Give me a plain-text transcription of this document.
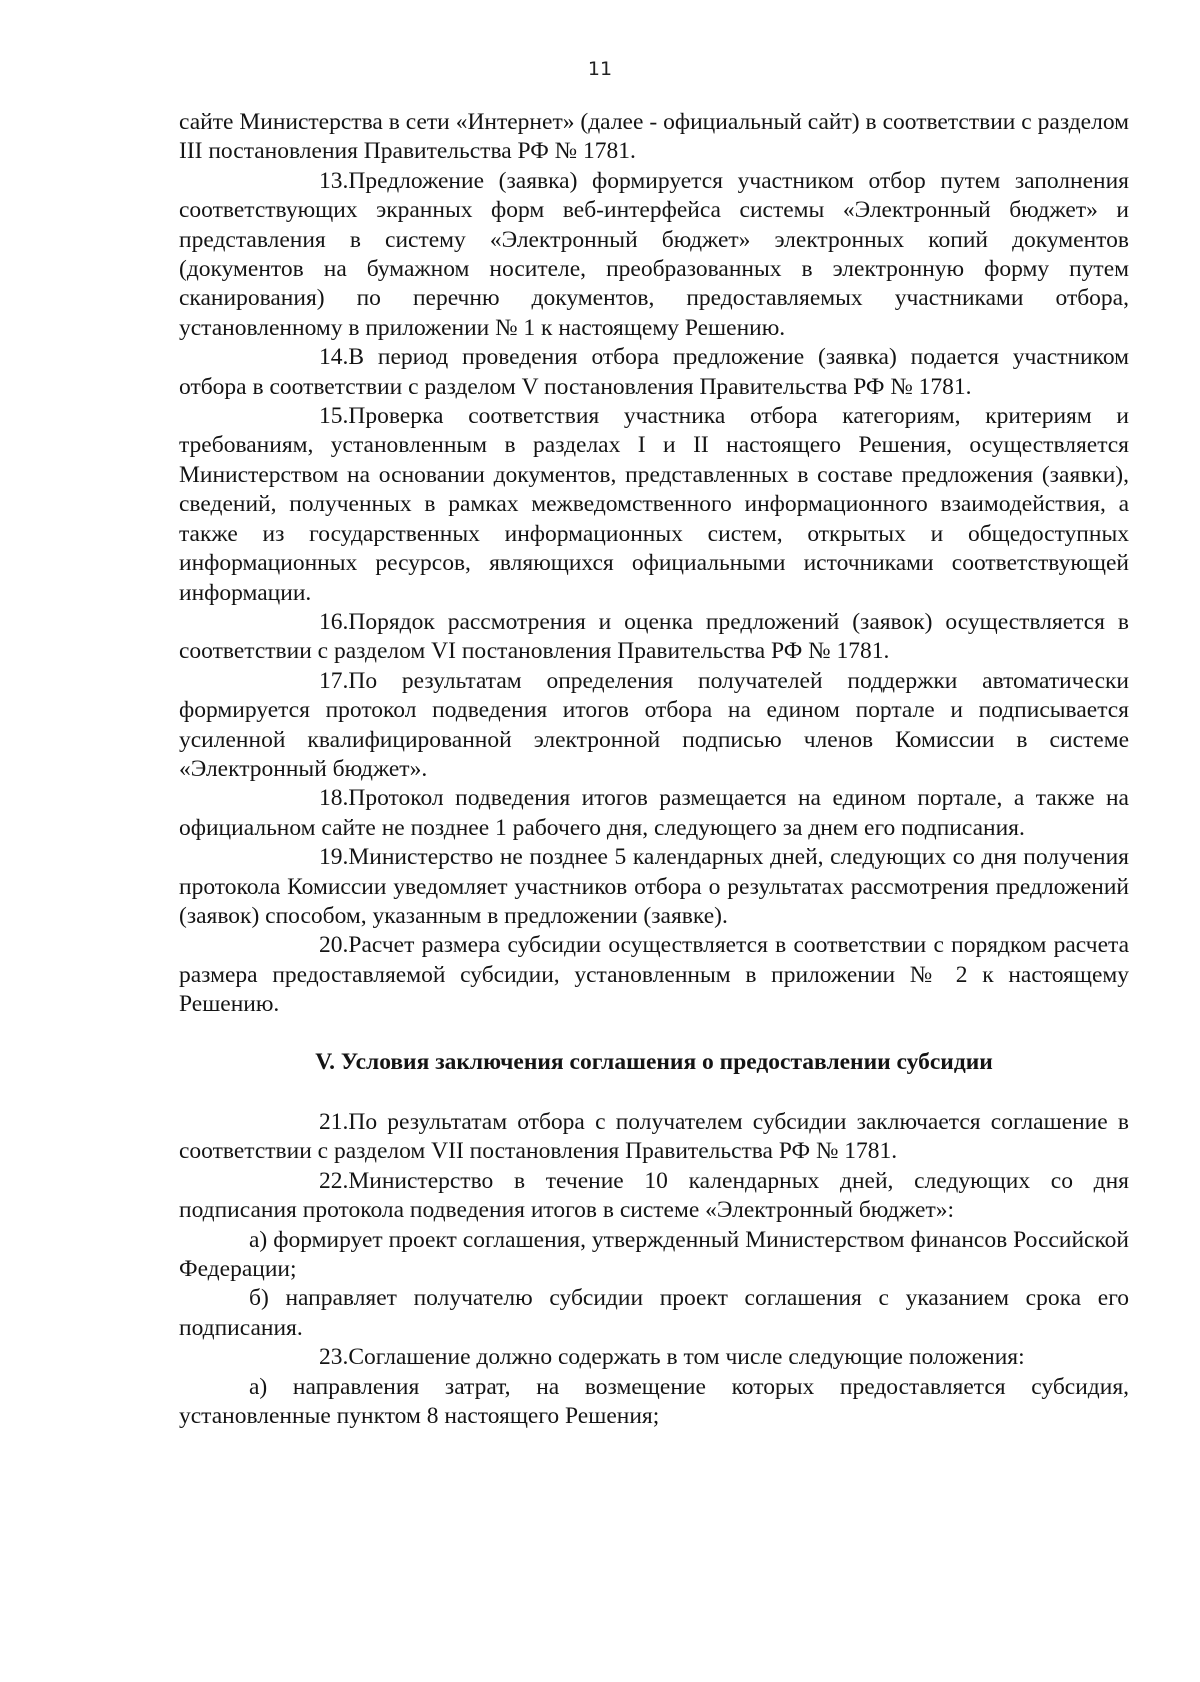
11

сайте Министерства в сети «Интернет» (далее - официальный сайт) в соответствии с разделом III постановления Правительства РФ № 1781.

13.Предложение (заявка) формируется участником отбор путем заполнения соответствующих экранных форм веб-интерфейса системы «Электронный бюджет» и представления в систему «Электронный бюджет» электронных копий документов (документов на бумажном носителе, преобразованных в электронную форму путем сканирования) по перечню документов, предоставляемых участниками отбора, установленному в приложении № 1 к настоящему Решению.

14.В период проведения отбора предложение (заявка) подается участником отбора в соответствии с разделом V постановления Правительства РФ № 1781.

15.Проверка соответствия участника отбора категориям, критериям и требованиям, установленным в разделах I и II настоящего Решения, осуществляется Министерством на основании документов, представленных в составе предложения (заявки), сведений, полученных в рамках межведомственного информационного взаимодействия, а также из государственных информационных систем, открытых и общедоступных информационных ресурсов, являющихся официальными источниками соответствующей информации.

16.Порядок рассмотрения и оценка предложений (заявок) осуществляется в соответствии с разделом VI постановления Правительства РФ № 1781.

17.По результатам определения получателей поддержки автоматически формируется протокол подведения итогов отбора на едином портале и подписывается усиленной квалифицированной электронной подписью членов Комиссии в системе «Электронный бюджет».

18.Протокол подведения итогов размещается на едином портале, а также на официальном сайте не позднее 1 рабочего дня, следующего за днем его подписания.

19.Министерство не позднее 5 календарных дней, следующих со дня получения протокола Комиссии уведомляет участников отбора о результатах рассмотрения предложений (заявок) способом, указанным в предложении (заявке).

20.Расчет размера субсидии осуществляется в соответствии с порядком расчета размера предоставляемой субсидии, установленным в приложении № 2 к настоящему Решению.

V. Условия заключения соглашения о предоставлении субсидии

21.По результатам отбора с получателем субсидии заключается соглашение в соответствии с разделом VII постановления Правительства РФ № 1781.

22.Министерство в течение 10 календарных дней, следующих со дня подписания протокола подведения итогов в системе «Электронный бюджет»:

а) формирует проект соглашения, утвержденный Министерством финансов Российской Федерации;

б) направляет получателю субсидии проект соглашения с указанием срока его подписания.

23.Соглашение должно содержать в том числе следующие положения:

а) направления затрат, на возмещение которых предоставляется субсидия, установленные пунктом 8 настоящего Решения;
